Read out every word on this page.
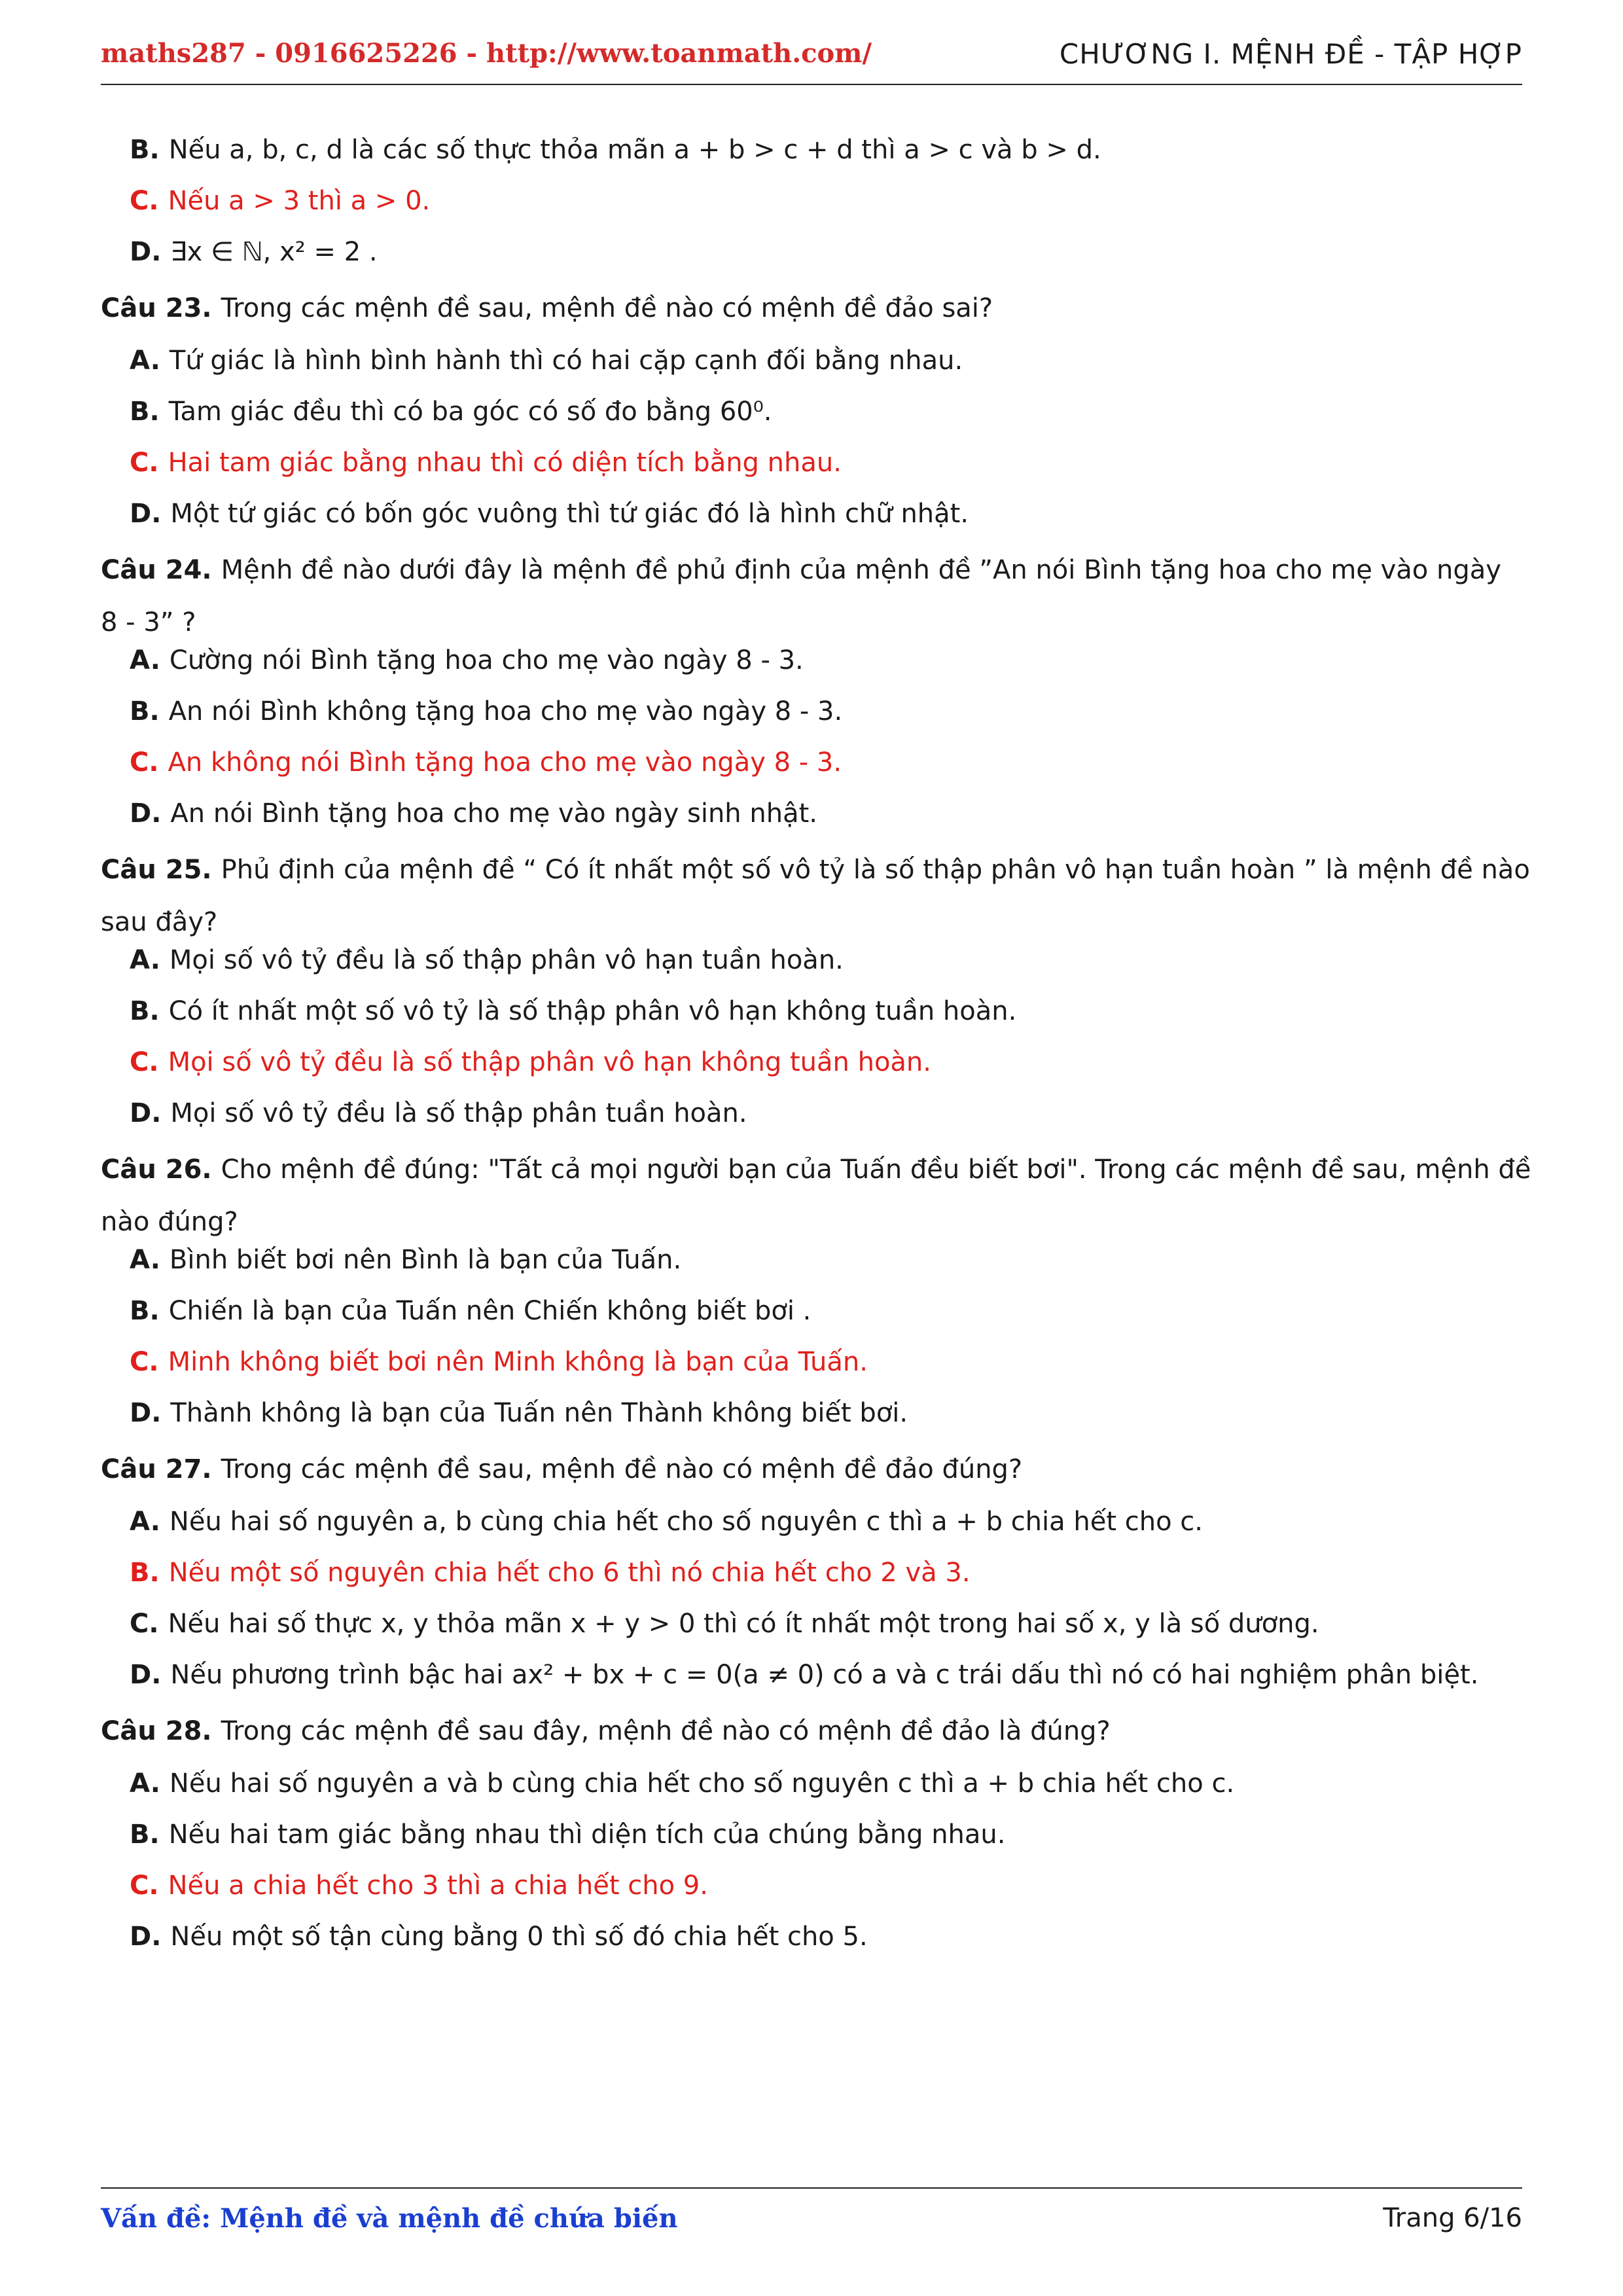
maths287 - 0916625226 - http://www.toanmath.com/	CHƯƠNG I. MỆNH ĐỀ - TẬP HỢP
B. Nếu a, b, c, d là các số thực thỏa mãn a + b > c + d thì a > c và b > d.
C. Nếu a > 3 thì a > 0.
D. ∃x ∈ ℕ, x² = 2 .
Câu 23. Trong các mệnh đề sau, mệnh đề nào có mệnh đề đảo sai?
A. Tứ giác là hình bình hành thì có hai cặp cạnh đối bằng nhau.
B. Tam giác đều thì có ba góc có số đo bằng 60⁰.
C. Hai tam giác bằng nhau thì có diện tích bằng nhau.
D. Một tứ giác có bốn góc vuông thì tứ giác đó là hình chữ nhật.
Câu 24. Mệnh đề nào dưới đây là mệnh đề phủ định của mệnh đề ”An nói Bình tặng hoa cho mẹ vào ngày
8 - 3” ?
A. Cường nói Bình tặng hoa cho mẹ vào ngày 8 - 3.
B. An nói Bình không tặng hoa cho mẹ vào ngày 8 - 3.
C. An không nói Bình tặng hoa cho mẹ vào ngày 8 - 3.
D. An nói Bình tặng hoa cho mẹ vào ngày sinh nhật.
Câu 25. Phủ định của mệnh đề “ Có ít nhất một số vô tỷ là số thập phân vô hạn tuần hoàn ” là mệnh đề nào
sau đây?
A. Mọi số vô tỷ đều là số thập phân vô hạn tuần hoàn.
B. Có ít nhất một số vô tỷ là số thập phân vô hạn không tuần hoàn.
C. Mọi số vô tỷ đều là số thập phân vô hạn không tuần hoàn.
D. Mọi số vô tỷ đều là số thập phân tuần hoàn.
Câu 26. Cho mệnh đề đúng: "Tất cả mọi người bạn của Tuấn đều biết bơi". Trong các mệnh đề sau, mệnh đề
nào đúng?
A. Bình biết bơi nên Bình là bạn của Tuấn.
B. Chiến là bạn của Tuấn nên Chiến không biết bơi .
C. Minh không biết bơi nên Minh không là bạn của Tuấn.
D. Thành không là bạn của Tuấn nên Thành không biết bơi.
Câu 27. Trong các mệnh đề sau, mệnh đề nào có mệnh đề đảo đúng?
A. Nếu hai số nguyên a, b cùng chia hết cho số nguyên c thì a + b chia hết cho c.
B. Nếu một số nguyên chia hết cho 6 thì nó chia hết cho 2 và 3.
C. Nếu hai số thực x, y thỏa mãn x + y > 0 thì có ít nhất một trong hai số x, y là số dương.
D. Nếu phương trình bậc hai ax² + bx + c = 0(a ≠ 0) có a và c trái dấu thì nó có hai nghiệm phân biệt.
Câu 28. Trong các mệnh đề sau đây, mệnh đề nào có mệnh đề đảo là đúng?
A. Nếu hai số nguyên a và b cùng chia hết cho số nguyên c thì a + b chia hết cho c.
B. Nếu hai tam giác bằng nhau thì diện tích của chúng bằng nhau.
C. Nếu a chia hết cho 3 thì a chia hết cho 9.
D. Nếu một số tận cùng bằng 0 thì số đó chia hết cho 5.
Vấn đề: Mệnh đề và mệnh đề chứa biến	Trang 6/16
